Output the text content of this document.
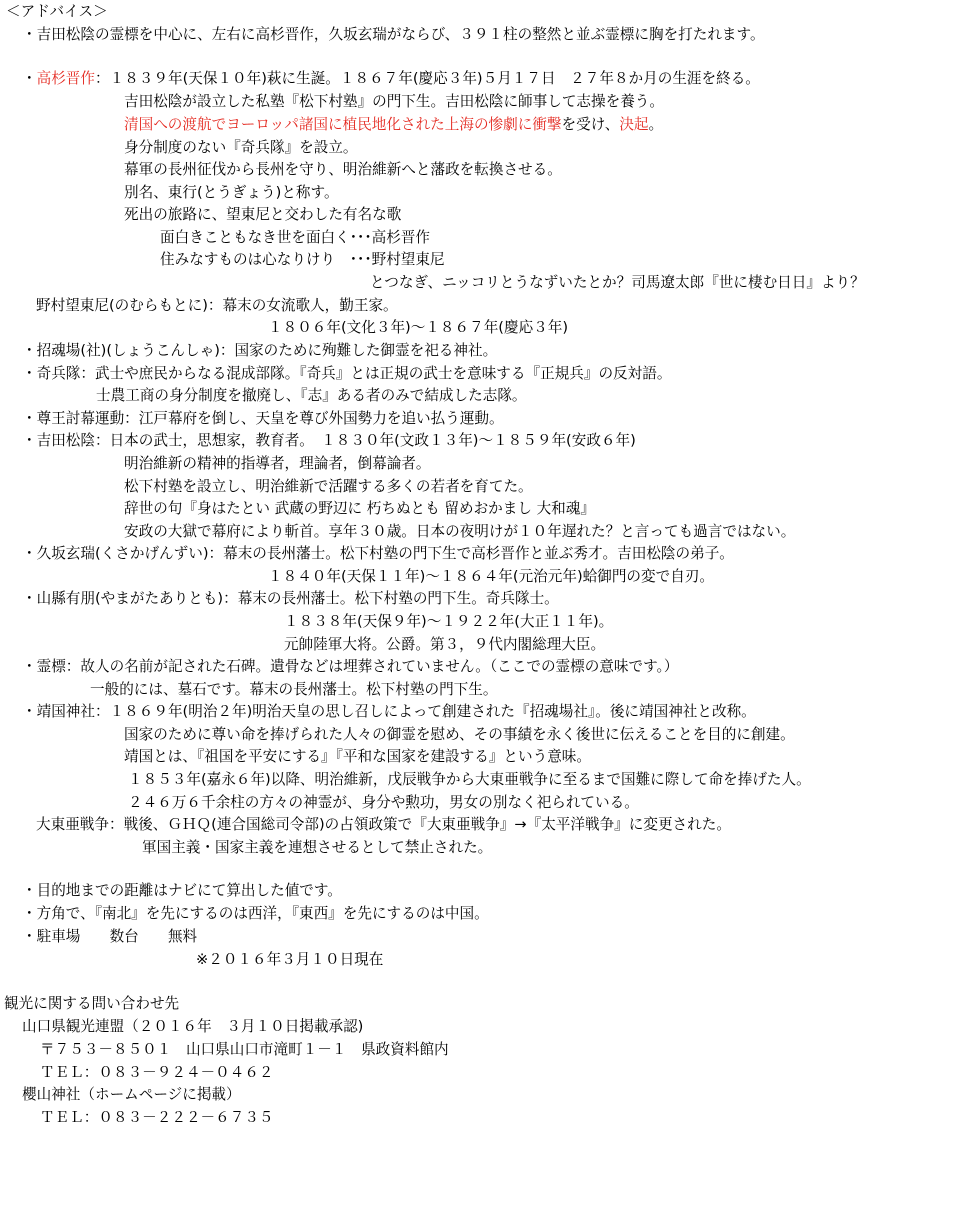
＜アドバイス＞
・吉田松陰の霊標を中心に、左右に高杉晋作，久坂玄瑞がならび、３９１柱の整然と並ぶ霊標に胸を打たれます。
・高杉晋作：１８３９年(天保１０年)萩に生誕。１８６７年(慶応３年)５月１７日　２７年８か月の生涯を終る。
吉田松陰が設立した私塾『松下村塾』の門下生。吉田松陰に師事して志操を養う。
清国への渡航でヨーロッパ諸国に植民地化された上海の惨劇に衝撃を受け、決起。
身分制度のない『奇兵隊』を設立。
幕軍の長州征伐から長州を守り、明治維新へと藩政を転換させる。
別名、東行(とうぎょう)と称す。
死出の旅路に、望東尼と交わした有名な歌
面白きこともなき世を面白く･･･高杉晋作
住みなすものは心なりけり　･･･野村望東尼
とつなぎ、ニッコリとうなずいたとか？司馬遼太郎『世に棲む日日』より？
野村望東尼(のむらもとに)：幕末の女流歌人，勤王家。
１８０６年(文化３年)～１８６７年(慶応３年)
・招魂場(社)(しょうこんしゃ)：国家のために殉難した御霊を祀る神社。
・奇兵隊：武士や庶民からなる混成部隊。『奇兵』とは正規の武士を意味する『正規兵』の反対語。
士農工商の身分制度を撤廃し、『志』ある者のみで結成した志隊。
・尊王討幕運動：江戸幕府を倒し、天皇を尊び外国勢力を追い払う運動。
・吉田松陰：日本の武士，思想家，教育者。　１８３０年(文政１３年)～１８５９年(安政６年)
明治維新の精神的指導者，理論者，倒幕論者。
松下村塾を設立し、明治維新で活躍する多くの若者を育てた。
辞世の句『身はたとい 武蔵の野辺に 朽ちぬとも 留めおかまし 大和魂』
安政の大獄で幕府により斬首。享年３０歳。日本の夜明けが１０年遅れた？と言っても過言ではない。
・久坂玄瑞(くさかげんずい)：幕末の長州藩士。松下村塾の門下生で高杉晋作と並ぶ秀才。吉田松陰の弟子。
１８４０年(天保１１年)～１８６４年(元治元年)蛤御門の変で自刃。
・山縣有朋(やまがたありとも)：幕末の長州藩士。松下村塾の門下生。奇兵隊士。
１８３８年(天保９年)～１９２２年(大正１１年)。
元帥陸軍大将。公爵。第３，９代内閣総理大臣。
・霊標：故人の名前が記された石碑。遺骨などは埋葬されていません。（ここでの霊標の意味です。）
一般的には、墓石です。幕末の長州藩士。松下村塾の門下生。
・靖国神社：１８６９年(明治２年)明治天皇の思し召しによって創建された『招魂場社』。後に靖国神社と改称。
国家のために尊い命を捧げられた人々の御霊を慰め、その事績を永く後世に伝えることを目的に創建。
靖国とは、『祖国を平安にする』『平和な国家を建設する』という意味。
１８５３年(嘉永６年)以降、明治維新，戊辰戦争から大東亜戦争に至るまで国難に際して命を捧げた人。
２４６万６千余柱の方々の神霊が、身分や勲功，男女の別なく祀られている。
大東亜戦争：戦後、ＧＨＱ(連合国総司令部)の占領政策で『大東亜戦争』→『太平洋戦争』に変更された。
軍国主義・国家主義を連想させるとして禁止された。
・目的地までの距離はナビにて算出した値です。
・方角で、『南北』を先にするのは西洋，『東西』を先にするのは中国。
・駐車場　　数台　　無料
※２０１６年３月１０日現在
観光に関する問い合わせ先
山口県観光連盟（２０１６年　３月１０日掲載承認)
〒７５３－８５０１　山口県山口市滝町１－１　県政資料館内
ＴＥＬ：０８３－９２４－０４６２
櫻山神社（ホームページに掲載）
ＴＥＬ：０８３－２２２－６７３５
